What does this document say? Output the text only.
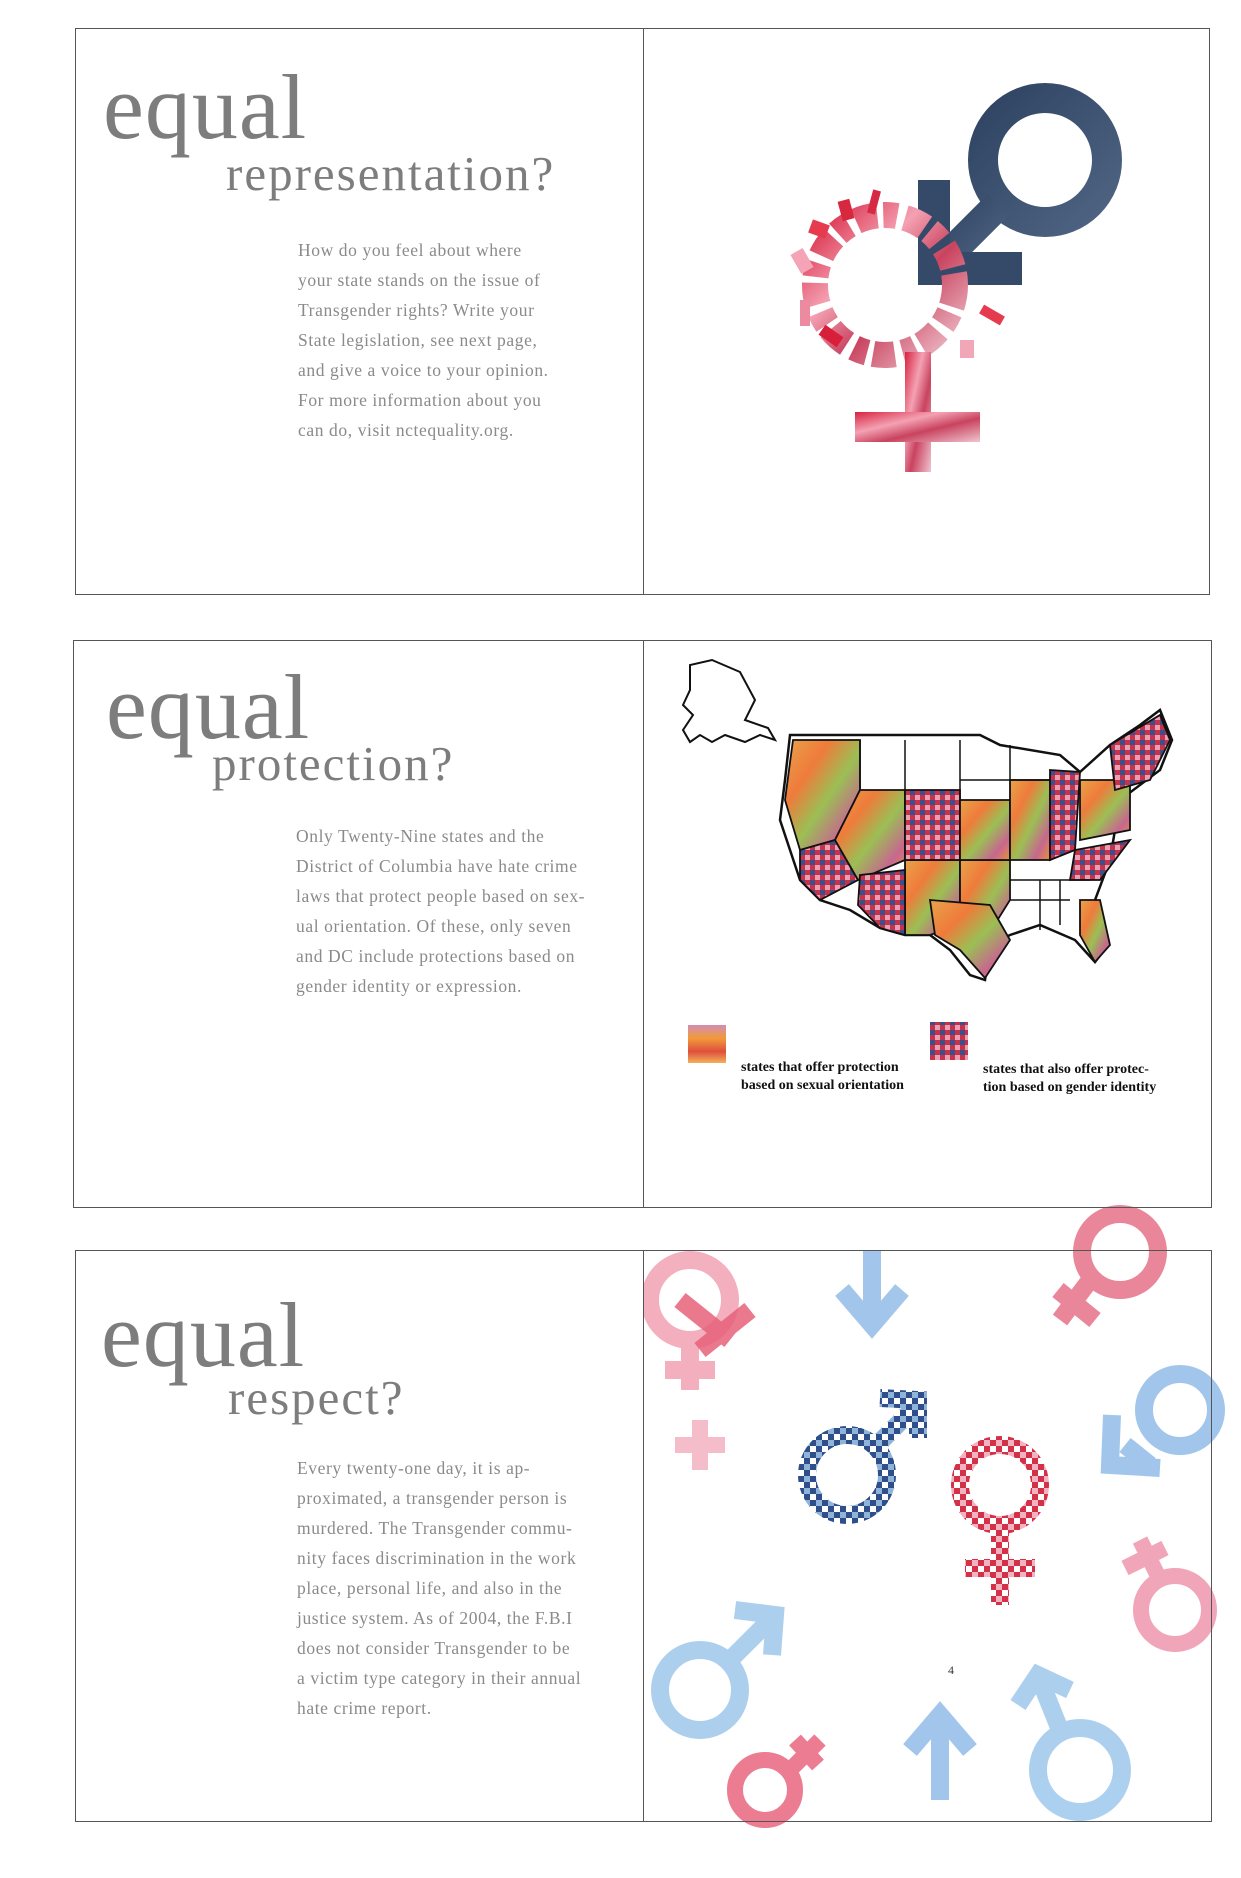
equal
representation?
How do you feel about where
your state stands on the issue of
Transgender rights? Write your
State legislation, see next page,
and give a voice to your opinion.
For more information about you
can do, visit nctequality.org.
equal
protection?
Only Twenty-Nine states and the
District of Columbia have hate crime
laws that protect people based on sex-
ual orientation. Of these, only seven
and DC include protections based on
gender identity or expression.
states that offer protection
based on sexual orientation
states that also offer protec-
tion based on gender identity
equal
respect?
Every twenty-one day, it is ap-
proximated, a transgender person is
murdered. The Transgender commu-
nity faces discrimination in the work
place, personal life, and also in the
justice system. As of 2004, the F.B.I
does not consider Transgender to be
a victim type category in their annual
hate crime report.
4
